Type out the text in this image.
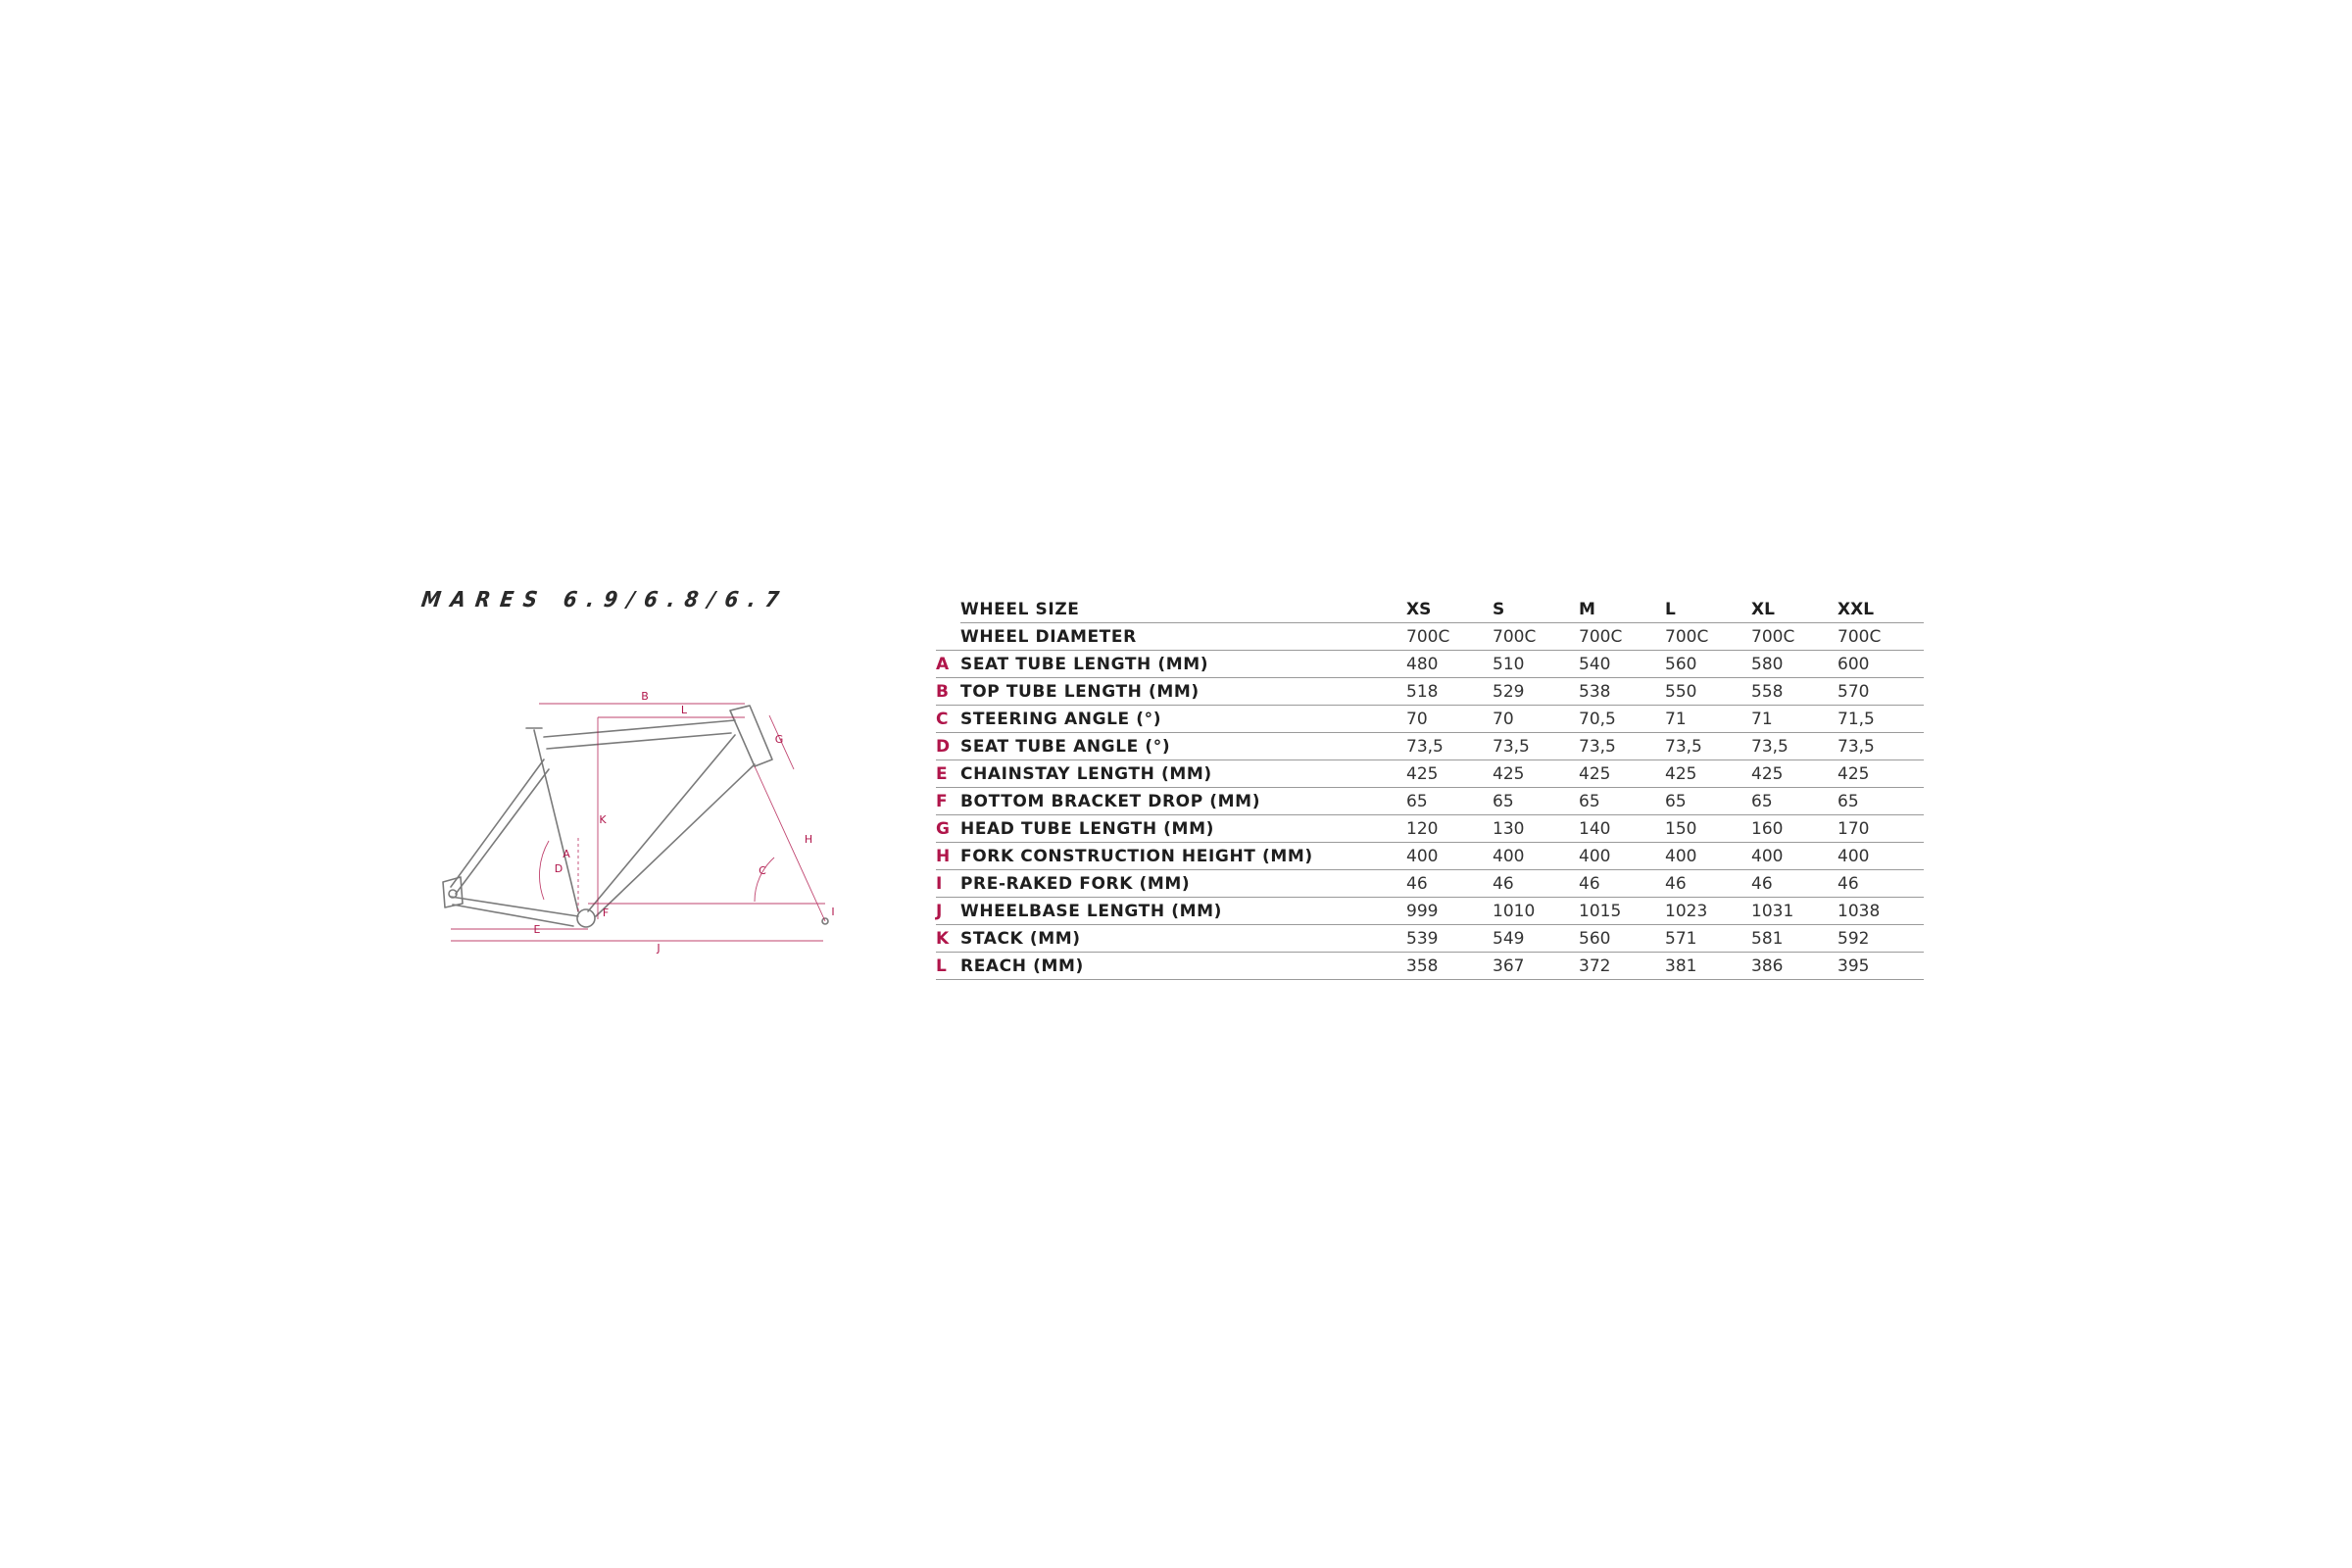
MARES 6.9/6.8/6.7
B
L
K
G
H
C
A
D
F	I
E
J
	WHEEL SIZE	XS	S	M	L	XL	XXL
	WHEEL DIAMETER	700C	700C	700C	700C	700C	700C
A	SEAT TUBE LENGTH (MM)	480	510	540	560	580	600
B	TOP TUBE LENGTH (MM)	518	529	538	550	558	570
C	STEERING ANGLE (°)	70	70	70,5	71	71	71,5
D	SEAT TUBE ANGLE (°)	73,5	73,5	73,5	73,5	73,5	73,5
E	CHAINSTAY LENGTH (MM)	425	425	425	425	425	425
F	BOTTOM BRACKET DROP (MM)	65	65	65	65	65	65
G	HEAD TUBE LENGTH (MM)	120	130	140	150	160	170
H	FORK CONSTRUCTION HEIGHT (MM)	400	400	400	400	400	400
I	PRE-RAKED FORK (MM)	46	46	46	46	46	46
J	WHEELBASE LENGTH (MM)	999	1010	1015	1023	1031	1038
K	STACK (MM)	539	549	560	571	581	592
L	REACH (MM)	358	367	372	381	386	395
